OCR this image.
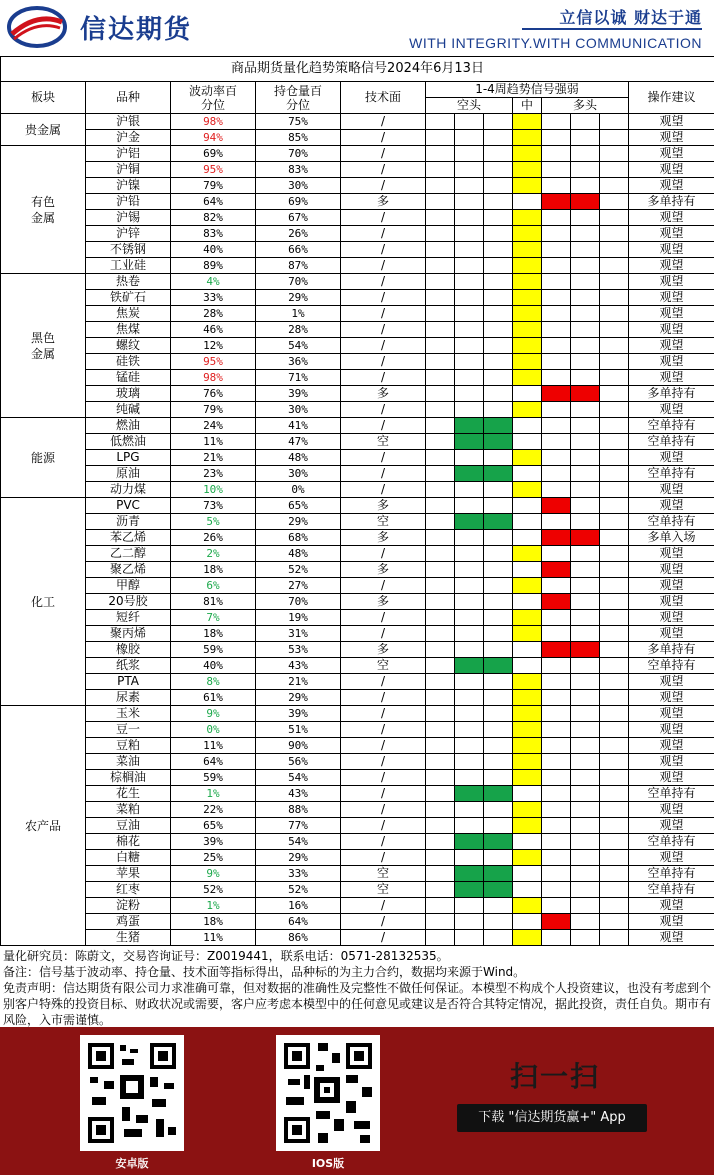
信达期货	立信以诚 财达于通
WITH INTEGRITY.WITH COMMUNICATION
商品期货量化趋势策略信号2024年6月13日												
板块	品种	波动率百分位	持仓量百分位	技术面	1-4周趋势信号强弱							操作建议
					空头			中	多头			
贵金属	沪银	98%	75%	/								观望
	沪金	94%	85%	/								观望
有色金属	沪铝	69%	70%	/								观望
	沪铜	95%	83%	/								观望
	沪镍	79%	30%	/								观望
	沪铅	64%	69%	多								多单持有
	沪锡	82%	67%	/								观望
	沪锌	83%	26%	/								观望
	不锈钢	40%	66%	/								观望
	工业硅	89%	87%	/								观望
黑色金属	热卷	4%	70%	/								观望
	铁矿石	33%	29%	/								观望
	焦炭	28%	1%	/								观望
	焦煤	46%	28%	/								观望
	螺纹	12%	54%	/								观望
	硅铁	95%	36%	/								观望
	锰硅	98%	71%	/								观望
	玻璃	76%	39%	多								多单持有
	纯碱	79%	30%	/								观望
能源	燃油	24%	41%	/								空单持有
	低燃油	11%	47%	空								空单持有
	LPG	21%	48%	/								观望
	原油	23%	30%	/								空单持有
	动力煤	10%	0%	/								观望
化工	PVC	73%	65%	多								观望
	沥青	5%	29%	空								空单持有
	苯乙烯	26%	68%	多								多单入场
	乙二醇	2%	48%	/								观望
	聚乙烯	18%	52%	多								观望
	甲醇	6%	27%	/								观望
	20号胶	81%	70%	多								观望
	短纤	7%	19%	/								观望
	聚丙烯	18%	31%	/								观望
	橡胶	59%	53%	多								多单持有
	纸浆	40%	43%	空								空单持有
	PTA	8%	21%	/								观望
	尿素	61%	29%	/								观望
农产品	玉米	9%	39%	/								观望
	豆一	0%	51%	/								观望
	豆粕	11%	90%	/								观望
	菜油	64%	56%	/								观望
	棕榈油	59%	54%	/								观望
	花生	1%	43%	/								空单持有
	菜粕	22%	88%	/								观望
	豆油	65%	77%	/								观望
	棉花	39%	54%	/								空单持有
	白糖	25%	29%	/								观望
	苹果	9%	33%	空								空单持有
	红枣	52%	52%	空								空单持有
	淀粉	1%	16%	/								观望
	鸡蛋	18%	64%	/								观望
	生猪	11%	86%	/								观望
量化研究员：陈蔚文，交易咨询证号：Z0019441，联系电话：0571-28132535。
备注：信号基于波动率、持仓量、技术面等指标得出，品种标的为主力合约，数据均来源于Wind。
免责声明：信达期货有限公司力求准确可靠，但对数据的准确性及完整性不做任何保证。本模型不构成个人投资建议，也没有考虑到个别客户特殊的投资目标、财政状况或需要，客户应考虑本模型中的任何意见或建议是否符合其特定情况，据此投资，责任自负。期市有风险，入市需谨慎。
安卓版	IOS版
扫一扫
下载 "信达期货赢+" App
